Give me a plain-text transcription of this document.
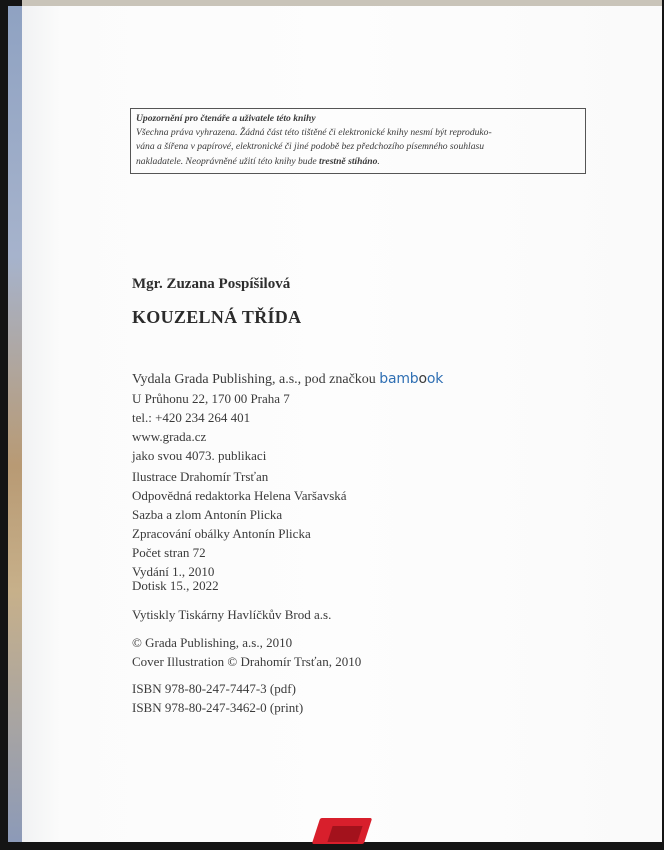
Upozornění pro čtenáře a uživatele této knihy
Všechna práva vyhrazena. Žádná část této tištěné či elektronické knihy nesmí být reproduko-
vána a šířena v papírové, elektronické či jiné podobě bez předchozího písemného souhlasu
nakladatele. Neoprávněné užití této knihy bude trestně stíháno.
Mgr. Zuzana Pospíšilová
KOUZELNÁ TŘÍDA
Vydala Grada Publishing, a.s., pod značkou bambook
U Průhonu 22, 170 00 Praha 7
tel.: +420 234 264 401
www.grada.cz
jako svou 4073. publikaci
Ilustrace Drahomír Trsťan
Odpovědná redaktorka Helena Varšavská
Sazba a zlom Antonín Plicka
Zpracování obálky Antonín Plicka
Počet stran 72
Vydání 1., 2010
Dotisk 15., 2022
Vytiskly Tiskárny Havlíčkův Brod a.s.
© Grada Publishing, a.s., 2010
Cover Illustration © Drahomír Trsťan, 2010
ISBN 978-80-247-7447-3 (pdf)
ISBN 978-80-247-3462-0 (print)
